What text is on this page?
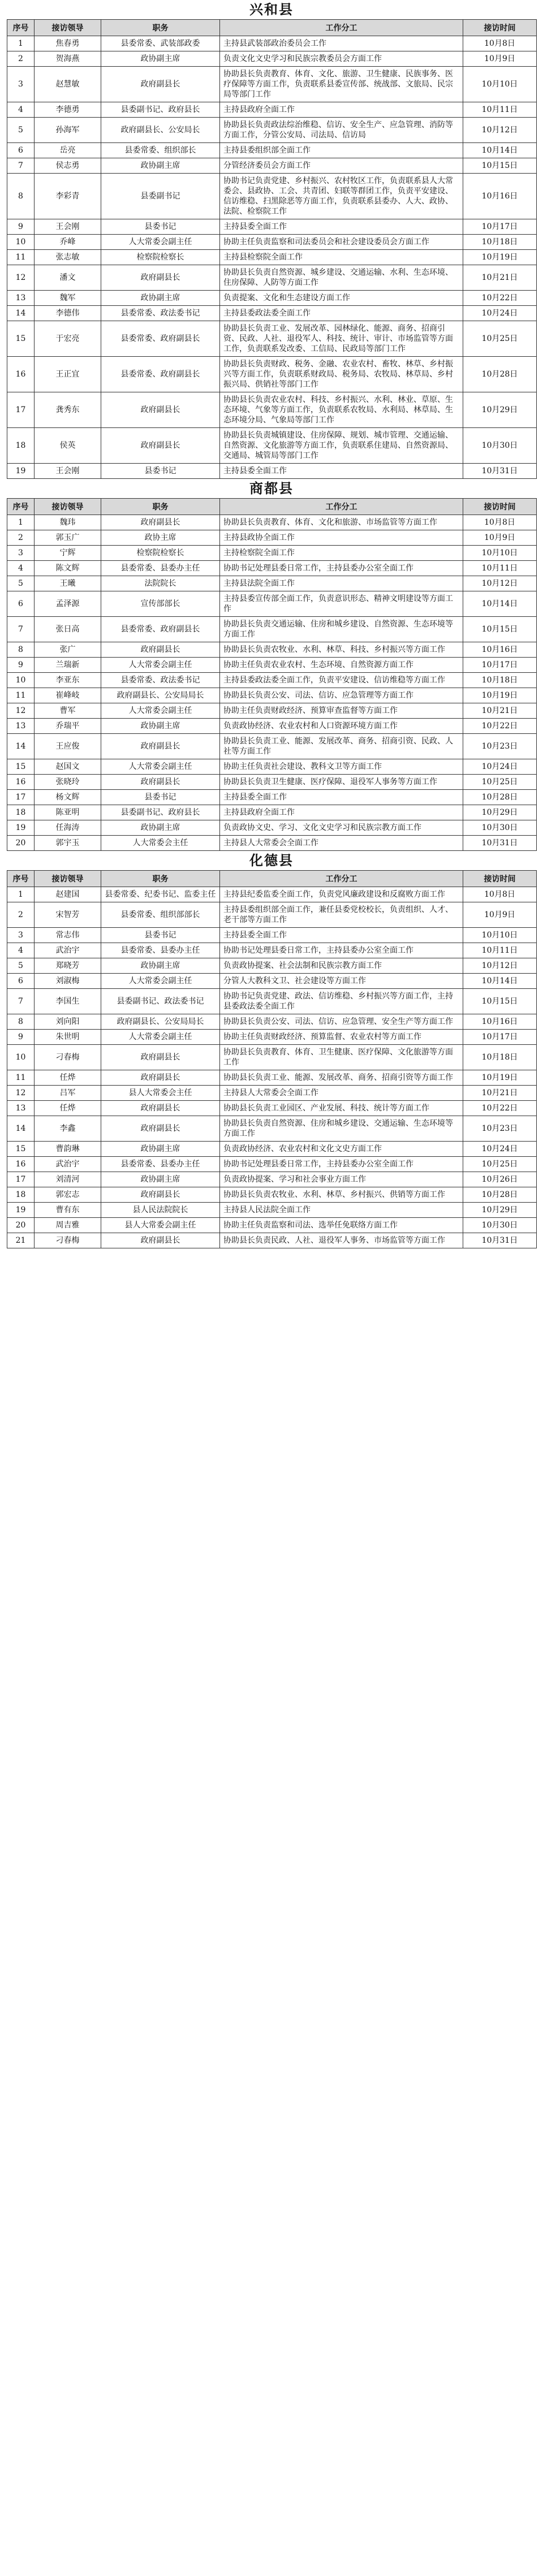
兴和县
序号	接访领导	职务	工作分工	接访时间
1	焦春勇	县委常委、武装部政委	主持县武装部政治委员会工作	10月8日
2	贺海燕	政协副主席	负责文化文史学习和民族宗教委员会方面工作	10月9日
3	赵慧敏	政府副县长	协助县长负责教育、体育、文化、旅游、卫生健康、民族事务、医疗保障等方面工作，负责联系县委宣传部、统战部、文旅局、民宗局等部门工作	10月10日
4	李德勇	县委副书记、政府县长	主持县政府全面工作	10月11日
5	孙海军	政府副县长、公安局长	协助县长负责政法综治维稳、信访、安全生产、应急管理、消防等方面工作，分管公安局、司法局、信访局	10月12日
6	岳亮	县委常委、组织部长	主持县委组织部全面工作	10月14日
7	侯志勇	政协副主席	分管经济委员会方面工作	10月15日
8	李彩青	县委副书记	协助书记负责党建、乡村振兴、农村牧区工作，负责联系县人大常委会、县政协、工会、共青团、妇联等群团工作，负责平安建设、信访维稳、扫黑除恶等方面工作，负责联系县委办、人大、政协、法院、检察院工作	10月16日
9	王会刚	县委书记	主持县委全面工作	10月17日
10	乔峰	人大常委会副主任	协助主任负责监察和司法委员会和社会建设委员会方面工作	10月18日
11	张志敏	检察院检察长	主持县检察院全面工作	10月19日
12	潘文	政府副县长	协助县长负责自然资源、城乡建设、交通运输、水利、生态环境、住房保障、人防等方面工作	10月21日
13	魏军	政协副主席	负责提案、文化和生态建设方面工作	10月22日
14	李德伟	县委常委、政法委书记	主持县委政法委全面工作	10月24日
15	于宏亮	县委常委、政府副县长	协助县长负责工业、发展改革、园林绿化、能源、商务、招商引资、民政、人社、退役军人、科技、统计、审计、市场监管等方面工作，负责联系发改委、工信局、民政局等部门工作	10月25日
16	王正宜	县委常委、政府副县长	协助县长负责财政、税务、金融、农业农村、畜牧、林草、乡村振兴等方面工作，负责联系财政局、税务局、农牧局、林草局、乡村振兴局、供销社等部门工作	10月28日
17	龚秀东	政府副县长	协助县长负责农业农村、科技、乡村振兴、水利、林业、草原、生态环境、气象等方面工作，负责联系农牧局、水利局、林草局、生态环境分局、气象局等部门工作	10月29日
18	侯英	政府副县长	协助县长负责城镇建设、住房保障、规划、城市管理、交通运输、自然资源、文化旅游等方面工作，负责联系住建局、自然资源局、交通局、城管局等部门工作	10月30日
19	王会刚	县委书记	主持县委全面工作	10月31日
商都县
序号	接访领导	职务	工作分工	接访时间
1	魏玮	政府副县长	协助县长负责教育、体育、文化和旅游、市场监管等方面工作	10月8日
2	郭玉广	政协主席	主持县政协全面工作	10月9日
3	宁辉	检察院检察长	主持检察院全面工作	10月10日
4	陈文辉	县委常委、县委办主任	协助书记处理县委日常工作，主持县委办公室全面工作	10月11日
5	王曦	法院院长	主持县法院全面工作	10月12日
6	孟泽源	宣传部部长	主持县委宣传部全面工作，负责意识形态、精神文明建设等方面工作	10月14日
7	张日高	县委常委、政府副县长	协助县长负责交通运输、住房和城乡建设、自然资源、生态环境等方面工作	10月15日
8	张广	政府副县长	协助县长负责农牧业、水利、林草、科技、乡村振兴等方面工作	10月16日
9	兰瑞新	人大常委会副主任	协助主任负责农业农村、生态环境、自然资源方面工作	10月17日
10	李亚东	县委常委、政法委书记	主持县委政法委全面工作，负责平安建设、信访维稳等方面工作	10月18日
11	崔峰岐	政府副县长、公安局局长	协助县长负责公安、司法、信访、应急管理等方面工作	10月19日
12	曹军	人大常委会副主任	协助主任负责财政经济、预算审查监督等方面工作	10月21日
13	乔瑞平	政协副主席	负责政协经济、农业农村和人口资源环境方面工作	10月22日
14	王应俊	政府副县长	协助县长负责工业、能源、发展改革、商务、招商引资、民政、人社等方面工作	10月23日
15	赵国文	人大常委会副主任	协助主任负责社会建设、教科文卫等方面工作	10月24日
16	张晓玲	政府副县长	协助县长负责卫生健康、医疗保障、退役军人事务等方面工作	10月25日
17	杨文辉	县委书记	主持县委全面工作	10月28日
18	陈亚明	县委副书记、政府县长	主持县政府全面工作	10月29日
19	任海涛	政协副主席	负责政协文史、学习、文化文史学习和民族宗教方面工作	10月30日
20	郭宇玉	人大常委会主任	主持县人大常委会全面工作	10月31日
化德县
序号	接访领导	职务	工作分工	接访时间
1	赵建国	县委常委、纪委书记、监委主任	主持县纪委监委全面工作，负责党风廉政建设和反腐败方面工作	10月8日
2	宋智芳	县委常委、组织部部长	主持县委组织部全面工作，兼任县委党校校长，负责组织、人才、老干部等方面工作	10月9日
3	常志伟	县委书记	主持县委全面工作	10月10日
4	武治宇	县委常委、县委办主任	协助书记处理县委日常工作，主持县委办公室全面工作	10月11日
5	郑晓芳	政协副主席	负责政协提案、社会法制和民族宗教方面工作	10月12日
6	刘淑梅	人大常委会副主任	分管人大教科文卫、社会建设等方面工作	10月14日
7	李国生	县委副书记、政法委书记	协助书记负责党建、政法、信访维稳、乡村振兴等方面工作，主持县委政法委全面工作	10月15日
8	刘向阳	政府副县长、公安局局长	协助县长负责公安、司法、信访、应急管理、安全生产等方面工作	10月16日
9	朱世明	人大常委会副主任	协助主任负责财政经济、预算监督、农业农村等方面工作	10月17日
10	刁春梅	政府副县长	协助县长负责教育、体育、卫生健康、医疗保障、文化旅游等方面工作	10月18日
11	任烨	政府副县长	协助县长负责工业、能源、发展改革、商务、招商引资等方面工作	10月19日
12	吕军	县人大常委会主任	主持县人大常委会全面工作	10月21日
13	任烨	政府副县长	协助县长负责工业园区、产业发展、科技、统计等方面工作	10月22日
14	李鑫	政府副县长	协助县长负责自然资源、住房和城乡建设、交通运输、生态环境等方面工作	10月23日
15	曹韵琳	政协副主席	负责政协经济、农业农村和文化文史方面工作	10月24日
16	武治宇	县委常委、县委办主任	协助书记处理县委日常工作，主持县委办公室全面工作	10月25日
17	刘清河	政协副主席	负责政协提案、学习和社会事业方面工作	10月26日
18	郭宏志	政府副县长	协助县长负责农牧业、水利、林草、乡村振兴、供销等方面工作	10月28日
19	曹有东	县人民法院院长	主持县人民法院全面工作	10月29日
20	周吉雅	县人大常委会副主任	协助主任负责监察和司法、选举任免联络方面工作	10月30日
21	刁春梅	政府副县长	协助县长负责民政、人社、退役军人事务、市场监管等方面工作	10月31日
